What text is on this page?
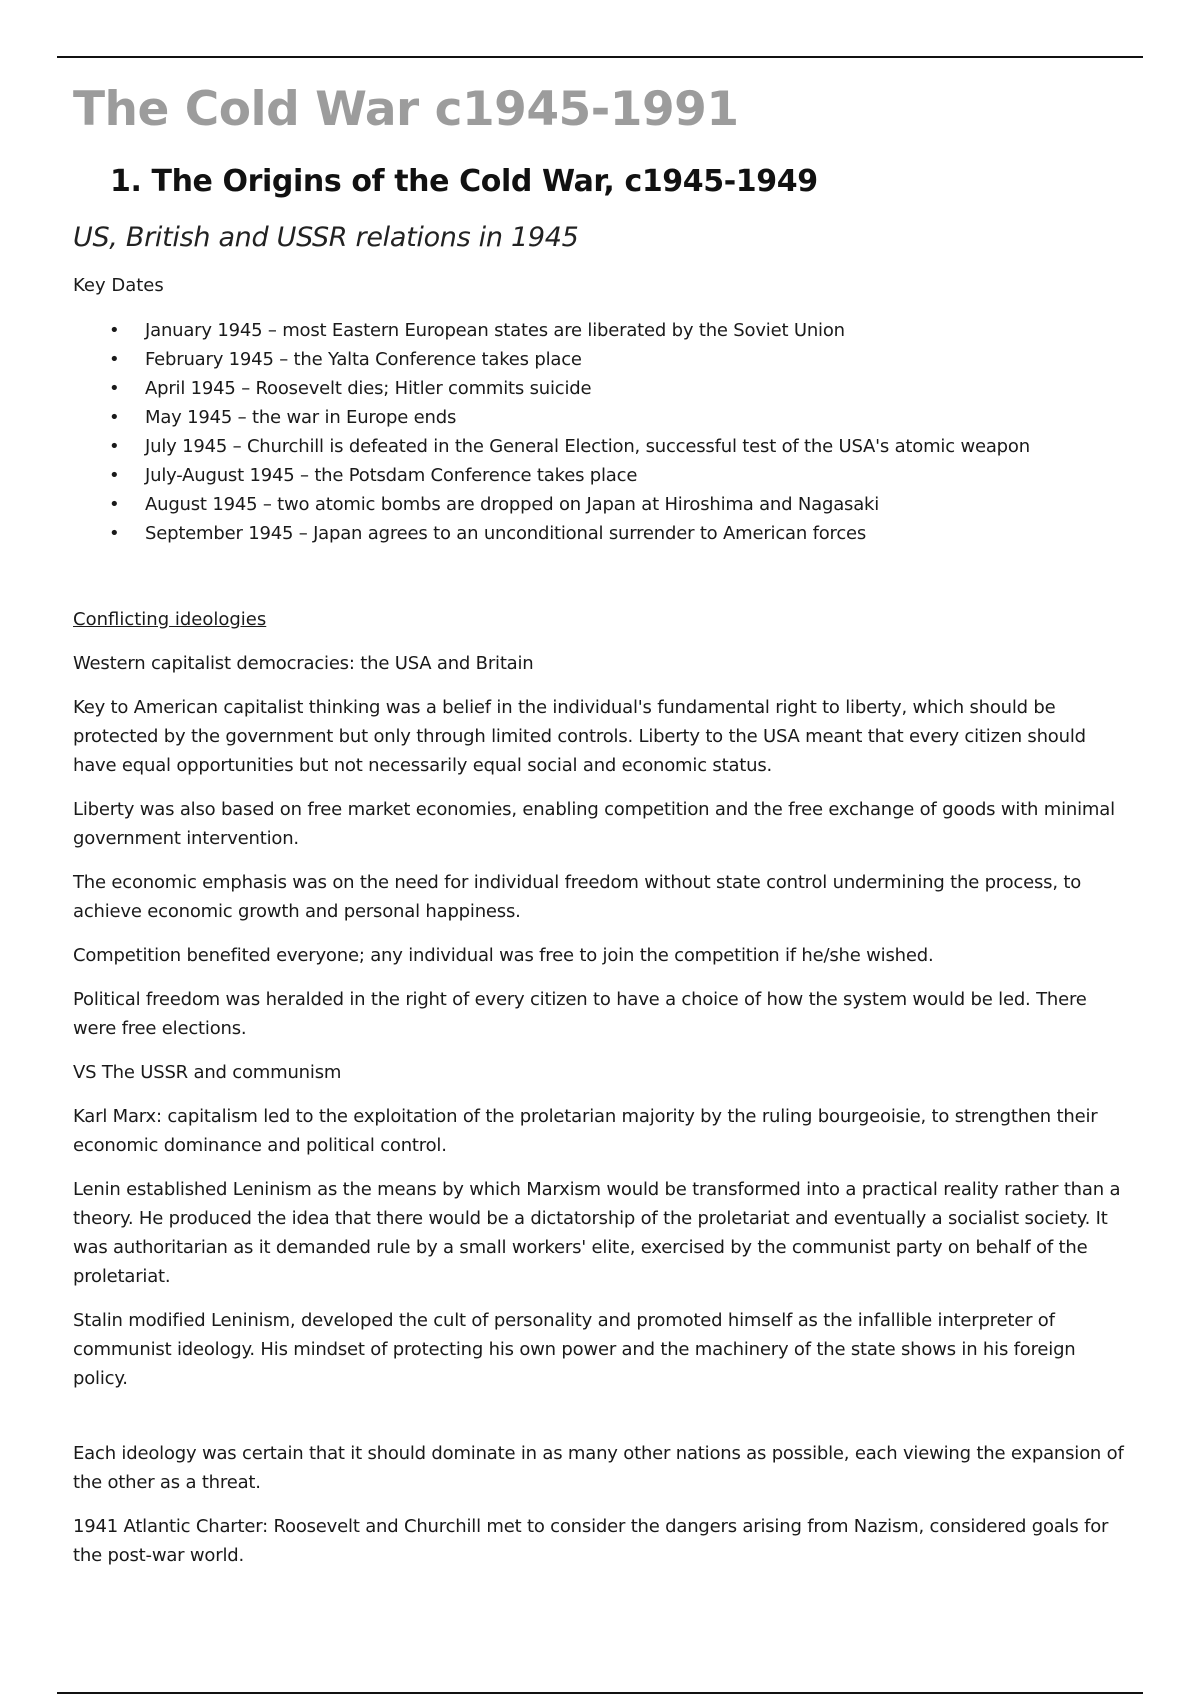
The Cold War c1945-1991
1. The Origins of the Cold War, c1945-1949
US, British and USSR relations in 1945

Key Dates

• January 1945 – most Eastern European states are liberated by the Soviet Union
• February 1945 – the Yalta Conference takes place
• April 1945 – Roosevelt dies; Hitler commits suicide
• May 1945 – the war in Europe ends
• July 1945 – Churchill is defeated in the General Election, successful test of the USA's atomic weapon
• July-August 1945 – the Potsdam Conference takes place
• August 1945 – two atomic bombs are dropped on Japan at Hiroshima and Nagasaki
• September 1945 – Japan agrees to an unconditional surrender to American forces

Conflicting ideologies

Western capitalist democracies: the USA and Britain

Key to American capitalist thinking was a belief in the individual's fundamental right to liberty, which should be protected by the government but only through limited controls. Liberty to the USA meant that every citizen should have equal opportunities but not necessarily equal social and economic status.

Liberty was also based on free market economies, enabling competition and the free exchange of goods with minimal government intervention.

The economic emphasis was on the need for individual freedom without state control undermining the process, to achieve economic growth and personal happiness.

Competition benefited everyone; any individual was free to join the competition if he/she wished.

Political freedom was heralded in the right of every citizen to have a choice of how the system would be led. There were free elections.

VS The USSR and communism

Karl Marx: capitalism led to the exploitation of the proletarian majority by the ruling bourgeoisie, to strengthen their economic dominance and political control.

Lenin established Leninism as the means by which Marxism would be transformed into a practical reality rather than a theory. He produced the idea that there would be a dictatorship of the proletariat and eventually a socialist society. It was authoritarian as it demanded rule by a small workers' elite, exercised by the communist party on behalf of the proletariat.

Stalin modified Leninism, developed the cult of personality and promoted himself as the infallible interpreter of communist ideology. His mindset of protecting his own power and the machinery of the state shows in his foreign policy.

Each ideology was certain that it should dominate in as many other nations as possible, each viewing the expansion of the other as a threat.

1941 Atlantic Charter: Roosevelt and Churchill met to consider the dangers arising from Nazism, considered goals for the post-war world.
